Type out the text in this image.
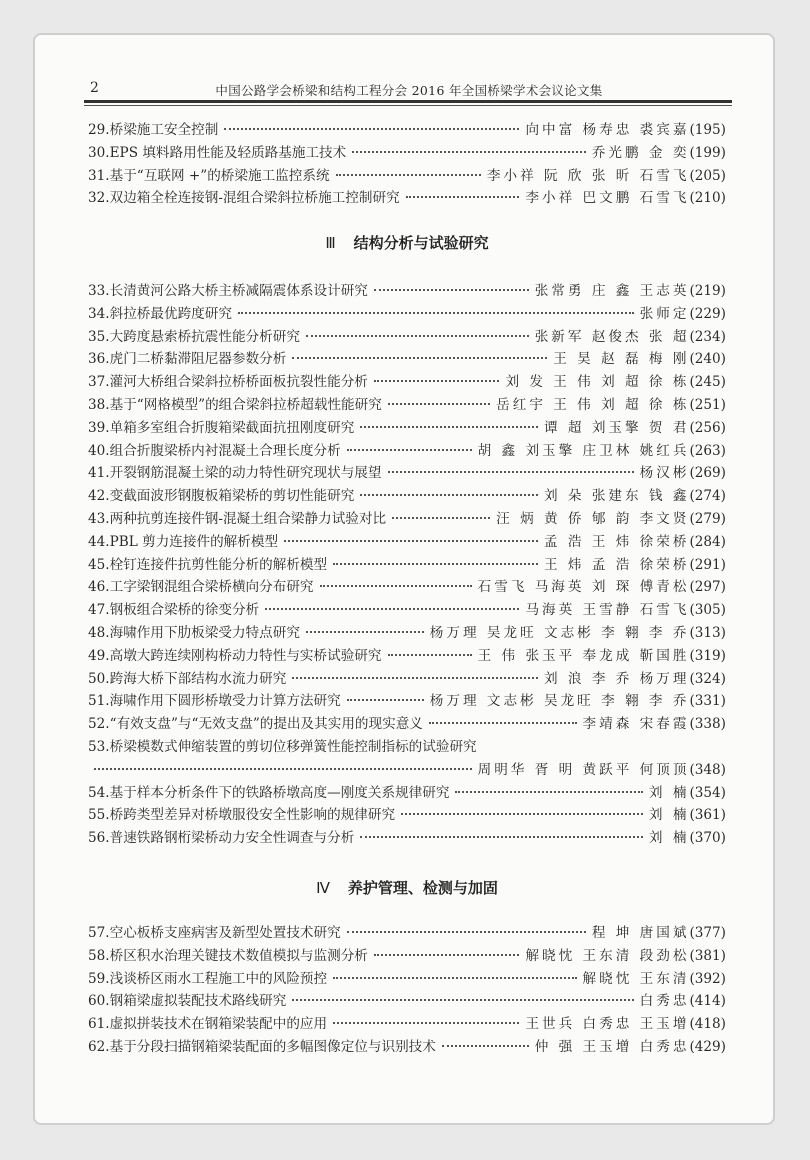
2	中国公路学会桥梁和结构工程分会 2016 年全国桥梁学术会议论文集
29.桥梁施工安全控制	向中富 杨寿忠 裘宾嘉 (195)
30.EPS 填料路用性能及轻质路基施工技术	乔光鹏 金 奕 (199)
31.基于“互联网 +”的桥梁施工监控系统	李小祥 阮 欣 张 昕 石雪飞 (205)
32.双边箱全栓连接钢-混组合梁斜拉桥施工控制研究	李小祥 巴文鹏 石雪飞 (210)
Ⅲ 结构分析与试验研究
33.长清黄河公路大桥主桥减隔震体系设计研究	张常勇 庄 鑫 王志英 (219)
34.斜拉桥最优跨度研究	张师定 (229)
35.大跨度悬索桥抗震性能分析研究	张新军 赵俊杰 张 超 (234)
36.虎门二桥黏滞阻尼器参数分析	王 昊 赵 磊 梅 刚 (240)
37.灌河大桥组合梁斜拉桥桥面板抗裂性能分析	刘 发 王 伟 刘 超 徐 栋 (245)
38.基于“网格模型”的组合梁斜拉桥超载性能研究	岳红宇 王 伟 刘 超 徐 栋 (251)
39.单箱多室组合折腹箱梁截面抗扭刚度研究	谭 超 刘玉擎 贺 君 (256)
40.组合折腹梁桥内衬混凝土合理长度分析	胡 鑫 刘玉擎 庄卫林 姚红兵 (263)
41.开裂钢筋混凝土梁的动力特性研究现状与展望	杨汉彬 (269)
42.变截面波形钢腹板箱梁桥的剪切性能研究	刘 朵 张建东 钱 鑫 (274)
43.两种抗剪连接件钢-混凝土组合梁静力试验对比	汪 炳 黄 侨 郇 韵 李文贤 (279)
44.PBL 剪力连接件的解析模型	孟 浩 王 炜 徐荣桥 (284)
45.栓钉连接件抗剪性能分析的解析模型	王 炜 孟 浩 徐荣桥 (291)
46.工字梁钢混组合梁桥横向分布研究	石雪飞 马海英 刘 琛 傅青松 (297)
47.钢板组合梁桥的徐变分析	马海英 王雪静 石雪飞 (305)
48.海啸作用下肋板梁受力特点研究	杨万理 吴龙旺 文志彬 李 翱 李 乔 (313)
49.高墩大跨连续刚构桥动力特性与实桥试验研究	王 伟 张玉平 奉龙成 靳国胜 (319)
50.跨海大桥下部结构水流力研究	刘 浪 李 乔 杨万理 (324)
51.海啸作用下圆形桥墩受力计算方法研究	杨万理 文志彬 吴龙旺 李 翱 李 乔 (331)
52.“有效支盘”与“无效支盘”的提出及其实用的现实意义	李靖森 宋春霞 (338)
53.桥梁模数式伸缩装置的剪切位移弹簧性能控制指标的试验研究
周明华 胥 明 黄跃平 何顶顶 (348)
54.基于样本分析条件下的铁路桥墩高度—刚度关系规律研究	刘 楠 (354)
55.桥跨类型差异对桥墩服役安全性影响的规律研究	刘 楠 (361)
56.普速铁路钢桁梁桥动力安全性调查与分析	刘 楠 (370)
Ⅳ 养护管理、检测与加固
57.空心板桥支座病害及新型处置技术研究	程 坤 唐国斌 (377)
58.桥区积水治理关键技术数值模拟与监测分析	解晓忱 王东清 段劲松 (381)
59.浅谈桥区雨水工程施工中的风险预控	解晓忱 王东清 (392)
60.钢箱梁虚拟装配技术路线研究	白秀忠 (414)
61.虚拟拼装技术在钢箱梁装配中的应用	王世兵 白秀忠 王玉增 (418)
62.基于分段扫描钢箱梁装配面的多幅图像定位与识别技术	仲 强 王玉增 白秀忠 (429)
